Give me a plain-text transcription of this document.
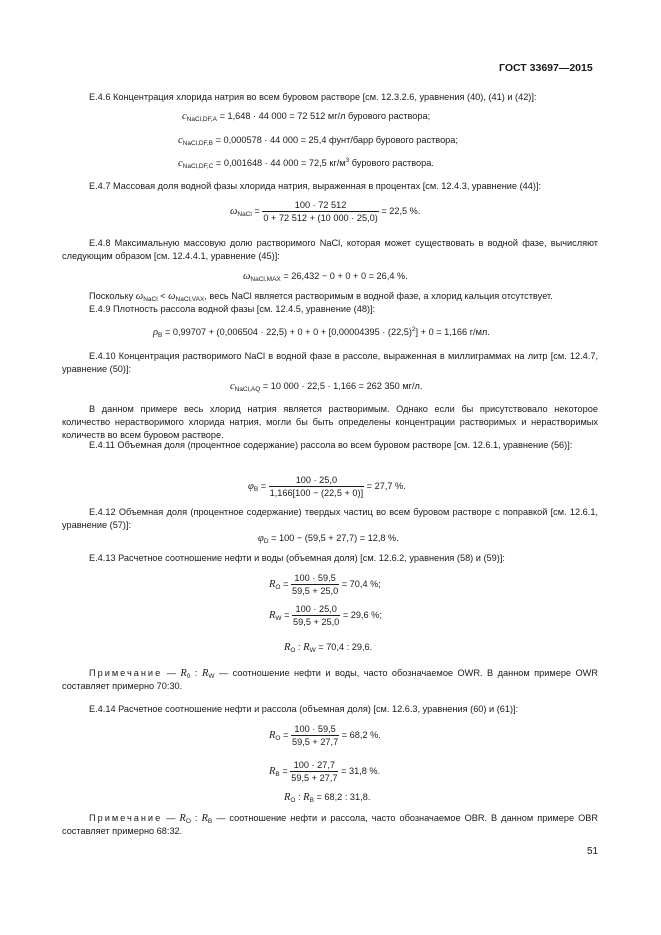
ГОСТ 33697—2015
Е.4.6 Концентрация хлорида натрия во всем буровом растворе [см. 12.3.2.6, уравнения (40), (41) и (42)]:
$c_{NaCl,DF,A} = 1,648 \cdot 44$ 000 = 72 512 мг/л бурового раствора;
$c_{NaCl,DF,B} = 0,000578 \cdot 44$ 000 = 25,4 фунт/барр бурового раствора;
$c_{NaCl,DF,C} = 0,001648 \cdot 44$ 000 = 72,5 $кг/м^3$ бурового раствора.
Е.4.7 Массовая доля водной фазы хлорида натрия, выраженная в процентах [см. 12.4.3, уравнение (44)]:
$\omega_{NaCl} = \frac{100 \cdot 72 512}{0 + 72 512 + (10 000 \cdot 25,0)} = 22,5$ %.
Е.4.8 Максимальную массовую долю растворимого NaCl, которая может существовать в водной фазе, вычисляют следующим образом [см. 12.4.4.1, уравнение (45)]:
$\omega_{NaCl,MAX} = 26,432 - 0 + 0 + 0 = 26,4$ %.
Поскольку $\omega_{NaCl} < \omega_{NaCl,VAX}$, весь NaCl является растворимым в водной фазе, а хлорид кальция отсутствует.
Е.4.9 Плотность рассола водной фазы [см. 12.4.5, уравнение (48)]:
$\rho_B = 0,99707 + (0,006504 \cdot 22,5) + 0 + 0 + [0,00004395 \cdot (22,5)^2] + 0 = 1,166$ г/мл.
Е.4.10 Концентрация растворимого NaCl в водной фазе в рассоле, выраженная в миллиграммах на литр [см. 12.4.7, уравнение (50)]:
$c_{NaCl,AQ} = 10$ 000 · 22,5 · 1,166 = 262 350 мг/л.
В данном примере весь хлорид натрия является растворимым. Однако если бы присутствовало некоторое количество нерастворимого хлорида натрия, могли бы быть определены концентрации растворимых и нерастворимых количеств во всем буровом растворе.
Е.4.11 Объемная доля (процентное содержание) рассола во всем буровом растворе [см. 12.6.1, уравнение (56)]:
$\varphi_B = \frac{100 \cdot 25,0}{1,166[100 - (22,5 + 0)]} = 27,7$ %.
Е.4.12 Объемная доля (процентное содержание) твердых частиц во всем буровом растворе с поправкой [см. 12.6.1, уравнение (57)]:
$\varphi_D = 100 - (59,5 + 27,7) = 12,8$ %.
Е.4.13 Расчетное соотношение нефти и воды (объемная доля) [см. 12.6.2, уравнения (58) и (59)]:
$R_O = \frac{100 \cdot 59,5}{59,5 + 25,0} = 70,4$ %;
$R_W = \frac{100 \cdot 25,0}{59,5 + 25,0} = 29,6$ %;
$R_O$ : $R_W = 70,4$ : 29,6.
Примечание — $R_0$ : $R_W$ — соотношение нефти и воды, часто обозначаемое OWR. В данном примере OWR составляет примерно 70:30.
Е.4.14 Расчетное соотношение нефти и рассола (объемная доля) [см. 12.6.3, уравнения (60) и (61)]:
$R_O = \frac{100 \cdot 59,5}{59,5 + 27,7} = 68,2$ %.
$R_B = \frac{100 \cdot 27,7}{59,5 + 27,7} = 31,8$ %.
$R_O$ : $R_B = 68,2$ : 31,8.
Примечание — $R_O$ : $R_B$ — соотношение нефти и рассола, часто обозначаемое OBR. В данном примере OBR составляет примерно 68:32.
51
